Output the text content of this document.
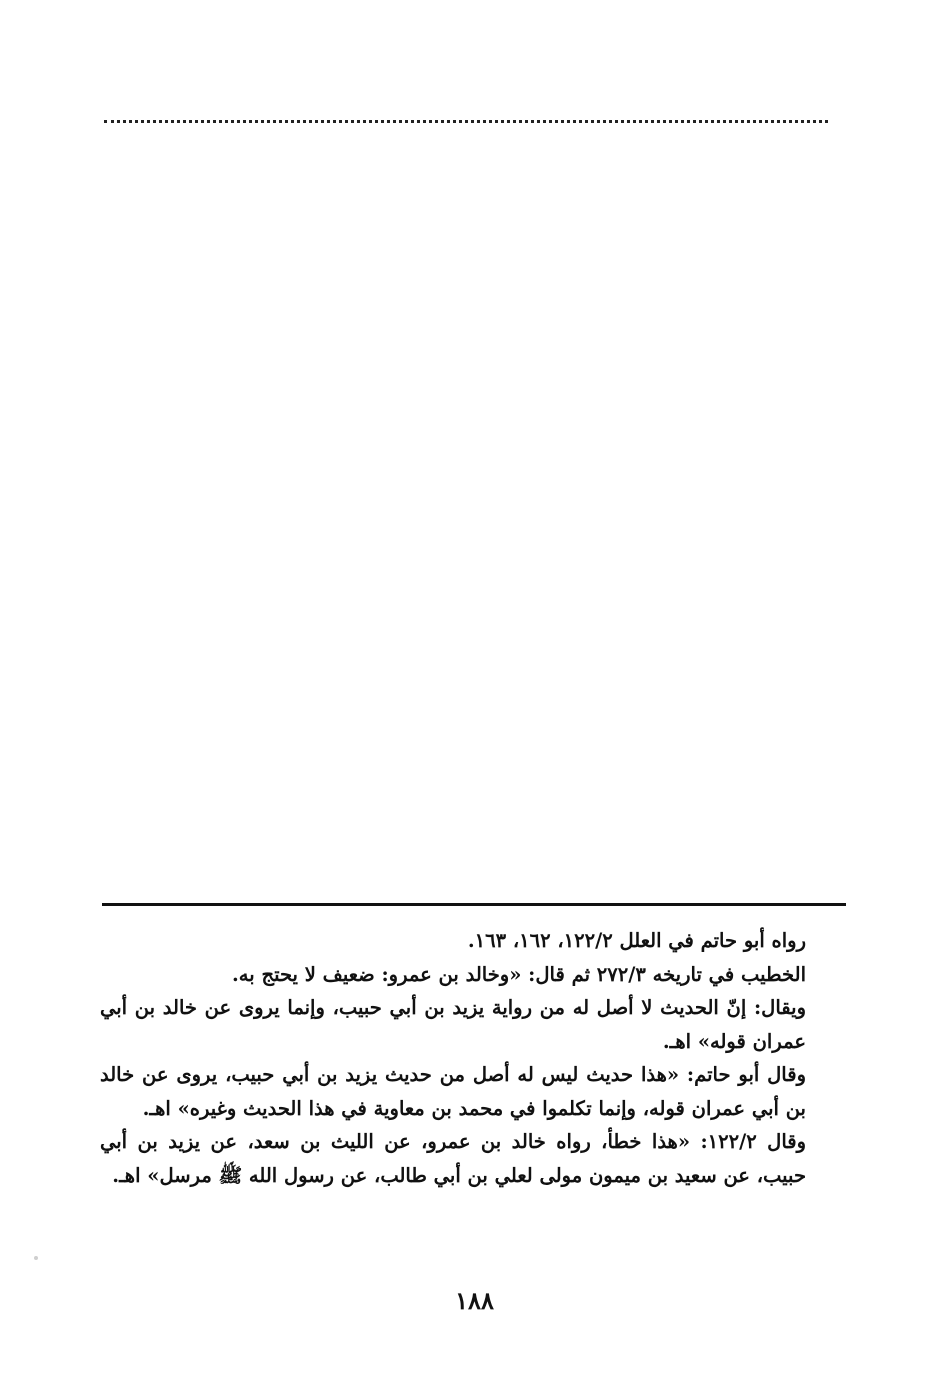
رواه أبو حاتم في العلل ١٢٢/٢، ١٦٢، ١٦٣.

الخطيب في تاريخه ٢٧٢/٣ ثم قال: «وخالد بن عمرو: ضعيف لا يحتج به.

ويقال: إنّ الحديث لا أصل له من رواية يزيد بن أبي حبيب، وإنما يروى عن خالد بن أبي عمران قوله» اهـ.

وقال أبو حاتم: «هذا حديث ليس له أصل من حديث يزيد بن أبي حبيب، يروى عن خالد بن أبي عمران قوله، وإنما تكلموا في محمد بن معاوية في هذا الحديث وغيره» اهـ.

وقال ١٢٢/٢: «هذا خطأ، رواه خالد بن عمرو، عن الليث بن سعد، عن يزيد بن أبي حبيب، عن سعيد بن ميمون مولى لعلي بن أبي طالب، عن رسول الله ﷺ مرسل» اهـ.

١٨٨
